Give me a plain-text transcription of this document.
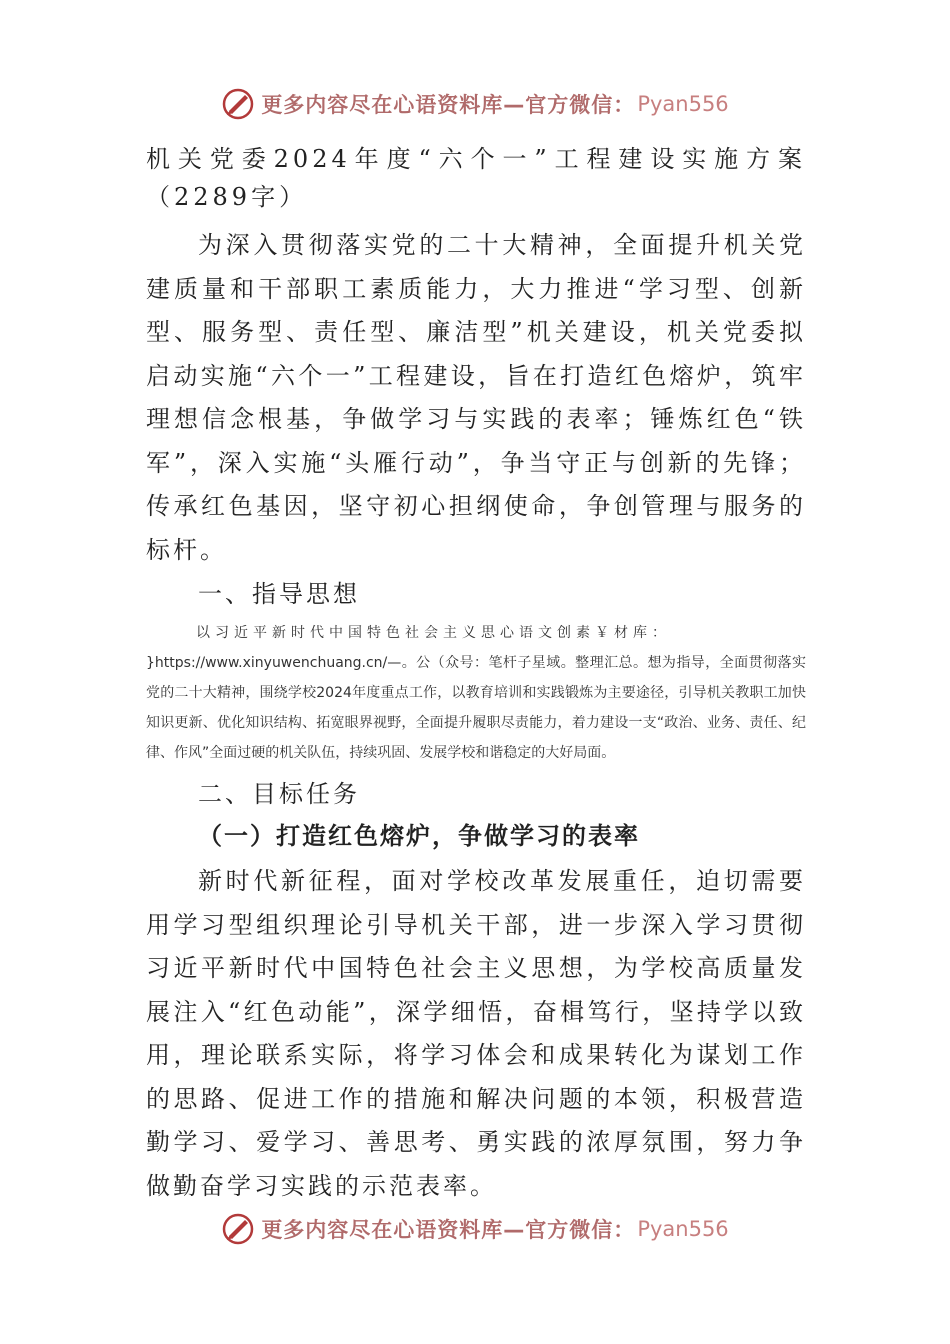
更多内容尽在心语资料库—官方微信： Pyan556

机关党委2024年度“六个一”工程建设实施方案（2289字）

为深入贯彻落实党的二十大精神，全面提升机关党建质量和干部职工素质能力，大力推进“学习型、创新型、服务型、责任型、廉洁型”机关建设，机关党委拟启动实施“六个一”工程建设，旨在打造红色熔炉，筑牢理想信念根基，争做学习与实践的表率；锤炼红色“铁军”，深入实施“头雁行动”，争当守正与创新的先锋；传承红色基因，坚守初心担纲使命，争创管理与服务的标杆。

一、指导思想

以习近平新时代中国特色社会主义思心语文创素￥材库：}https://www.xinyuwenchuang.cn/—。公（众号：笔杆子星域。整理汇总。想为指导，全面贯彻落实党的二十大精神，围绕学校2024年度重点工作，以教育培训和实践锻炼为主要途径，引导机关教职工加快知识更新、优化知识结构、拓宽眼界视野，全面提升履职尽责能力，着力建设一支“政治、业务、责任、纪律、作风”全面过硬的机关队伍，持续巩固、发展学校和谐稳定的大好局面。

二、目标任务

（一）打造红色熔炉，争做学习的表率

新时代新征程，面对学校改革发展重任，迫切需要用学习型组织理论引导机关干部，进一步深入学习贯彻习近平新时代中国特色社会主义思想，为学校高质量发展注入“红色动能”，深学细悟，奋楫笃行，坚持学以致用，理论联系实际，将学习体会和成果转化为谋划工作的思路、促进工作的措施和解决问题的本领，积极营造勤学习、爱学习、善思考、勇实践的浓厚氛围，努力争做勤奋学习实践的示范表率。

更多内容尽在心语资料库—官方微信： Pyan556
